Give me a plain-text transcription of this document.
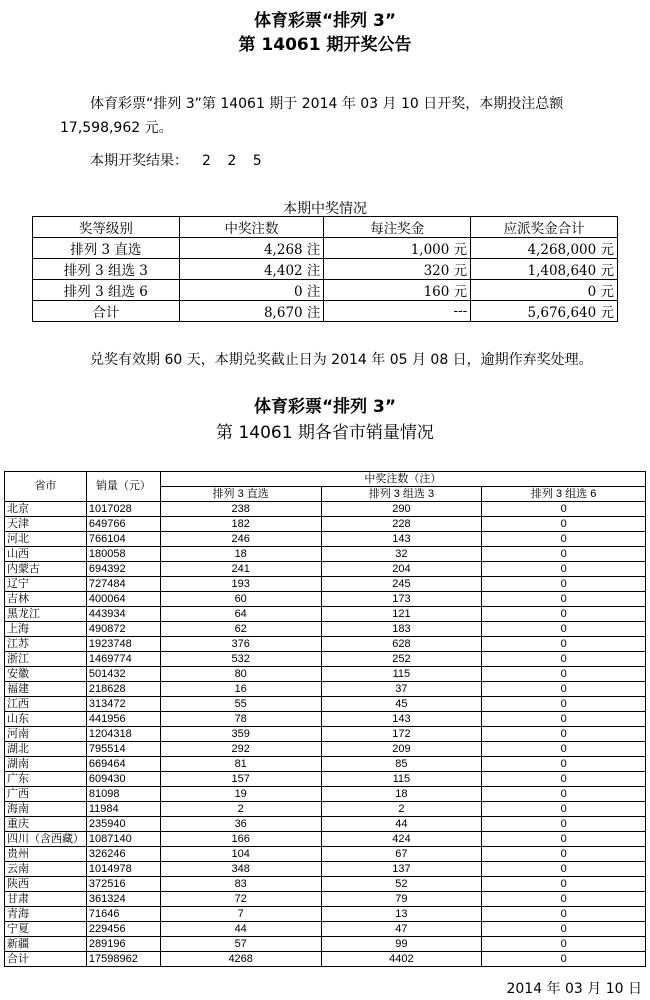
体育彩票“排列 3”
第 14061 期开奖公告
体育彩票“排列 3”第 14061 期于 2014 年 03 月 10 日开奖，本期投注总额 17,598,962 元。
本期开奖结果： 2 2 5
本期中奖情况
奖等级别	中奖注数	每注奖金	应派奖金合计
排列 3 直选	4,268 注	1,000 元	4,268,000 元
排列 3 组选 3	4,402 注	320 元	1,408,640 元
排列 3 组选 6	0 注	160 元	0 元
合计	8,670 注	---	5,676,640 元
兑奖有效期 60 天，本期兑奖截止日为 2014 年 05 月 08 日，逾期作弃奖处理。
体育彩票“排列 3”
第 14061 期各省市销量情况
省市	销量（元）	中奖注数（注）		
		排列 3 直选	排列 3 组选 3	排列 3 组选 6
北京	1017028	238	290	0
天津	649766	182	228	0
河北	766104	246	143	0
山西	180058	18	32	0
内蒙古	694392	241	204	0
辽宁	727484	193	245	0
吉林	400064	60	173	0
黑龙江	443934	64	121	0
上海	490872	62	183	0
江苏	1923748	376	628	0
浙江	1469774	532	252	0
安徽	501432	80	115	0
福建	218628	16	37	0
江西	313472	55	45	0
山东	441956	78	143	0
河南	1204318	359	172	0
湖北	795514	292	209	0
湖南	669464	81	85	0
广东	609430	157	115	0
广西	81098	19	18	0
海南	11984	2	2	0
重庆	235940	36	44	0
四川（含西藏）	1087140	166	424	0
贵州	326246	104	67	0
云南	1014978	348	137	0
陕西	372516	83	52	0
甘肃	361324	72	79	0
青海	71646	7	13	0
宁夏	229456	44	47	0
新疆	289196	57	99	0
合计	17598962	4268	4402	0
2014 年 03 月 10 日
